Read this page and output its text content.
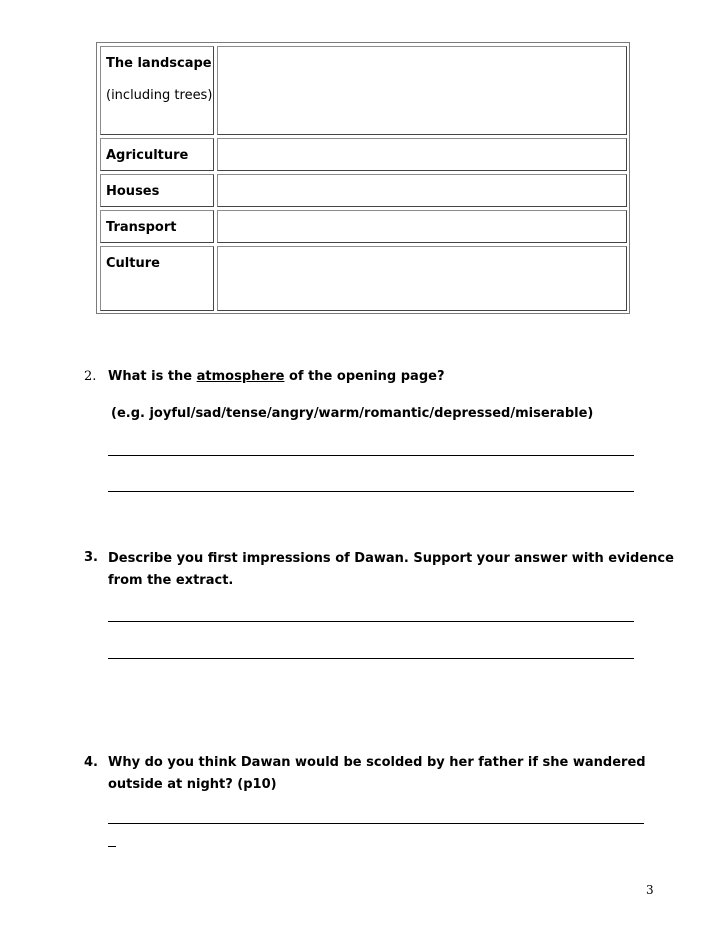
The landscape
(including trees)
Agriculture
Houses
Transport
Culture
2. What is the atmosphere of the opening page?
(e.g. joyful/sad/tense/angry/warm/romantic/depressed/miserable)
3. Describe you first impressions of Dawan. Support your answer with evidence
from the extract.
4. Why do you think Dawan would be scolded by her father if she wandered
outside at night? (p10)
3
